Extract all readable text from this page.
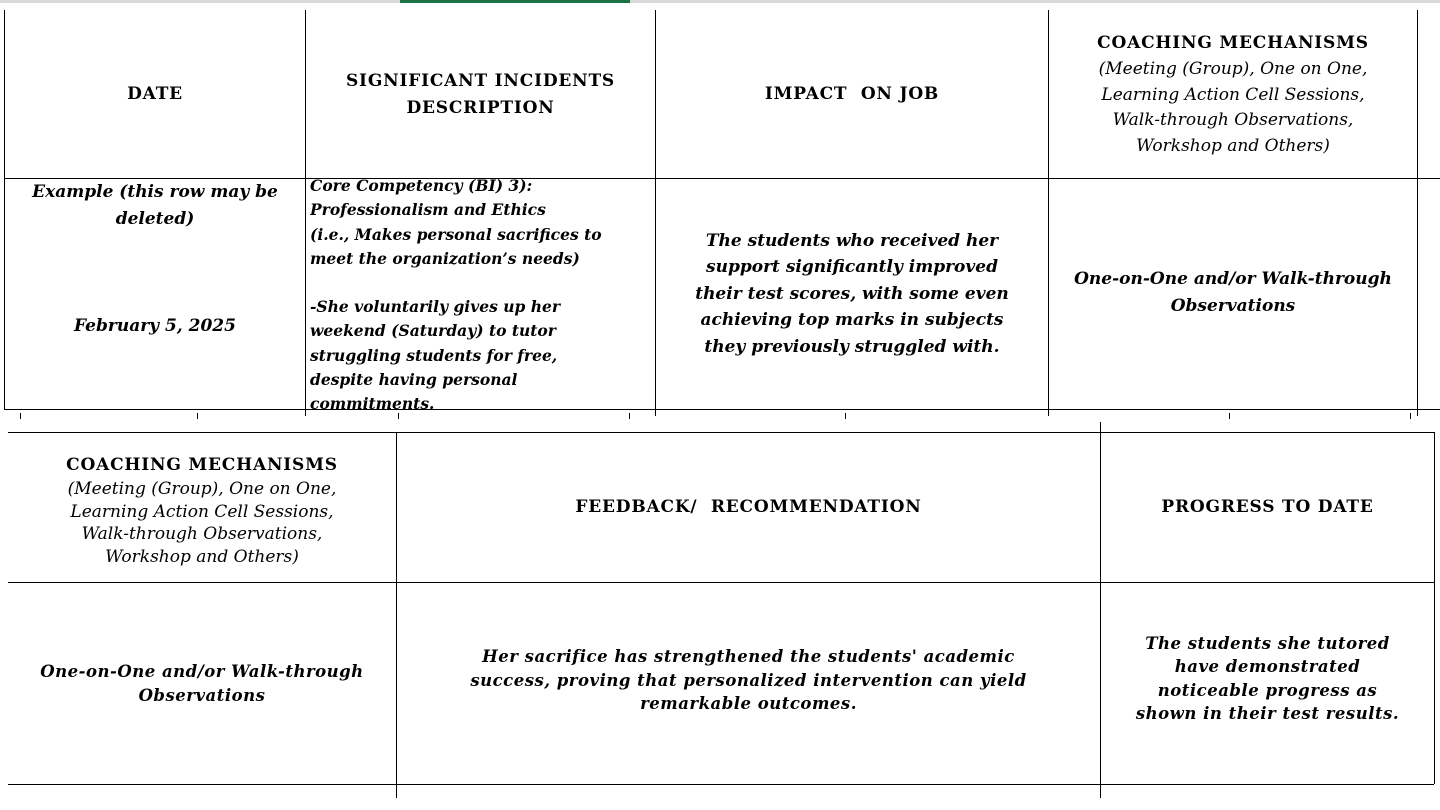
DATE
SIGNIFICANT INCIDENTS
DESCRIPTION
IMPACT  ON JOB
COACHING MECHANISMS
(Meeting (Group), One on One,
Learning Action Cell Sessions,
Walk-through Observations,
Workshop and Others)
Example (this row may be
deleted)
February 5, 2025

Core Competency (BI) 3):

Professionalism and Ethics

(i.e., Makes personal sacrifices to

meet the organization’s needs)

-She voluntarily gives up her

weekend (Saturday) to tutor

struggling students for free,

despite having personal

commitments.

The students who received her
support significantly improved
their test scores, with some even
achieving top marks in subjects
they previously struggled with.
One-on-One and/or Walk-through
Observations
COACHING MECHANISMS
(Meeting (Group), One on One,
Learning Action Cell Sessions,
Walk-through Observations,
Workshop and Others)
FEEDBACK/  RECOMMENDATION	PROGRESS TO DATE
One-on-One and/or Walk-through
Observations
Her sacrifice has strengthened the students' academic
success, proving that personalized intervention can yield
remarkable outcomes.
The students she tutored
have demonstrated
noticeable progress as
shown in their test results.
